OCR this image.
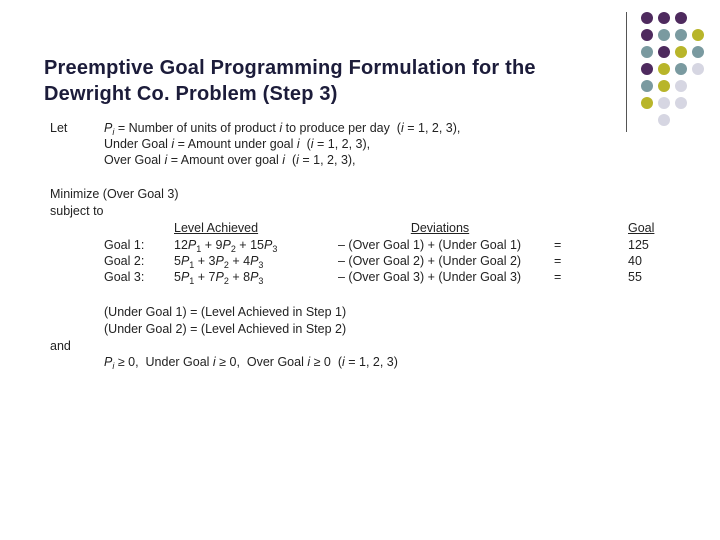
Preemptive Goal Programming Formulation for the Dewright Co. Problem (Step 3)
Let	$P_i$ = Number of units of product i to produce per day  (i = 1, 2, 3),
Under Goal i = Amount under goal i  (i = 1, 2, 3),
Over Goal i = Amount over goal i  (i = 1, 2, 3),
Minimize (Over Goal 3)
subject to
Level Achieved	Deviations	Goal
Goal 1: $12P_1 + 9P_2 + 15P_3$	– (Over Goal 1) + (Under Goal 1)	=	125
Goal 2: $5P_1 + 3P_2 + 4P_3$	– (Over Goal 2) + (Under Goal 2)	=	40
Goal 3: $5P_1 + 7P_2 + 8P_3$	– (Over Goal 3) + (Under Goal 3)	=	55
(Under Goal 1) = (Level Achieved in Step 1)
(Under Goal 2) = (Level Achieved in Step 2)
and
$P_i \ge 0$,  Under Goal i ≥ 0,  Over Goal i ≥ 0  (i = 1, 2, 3)
